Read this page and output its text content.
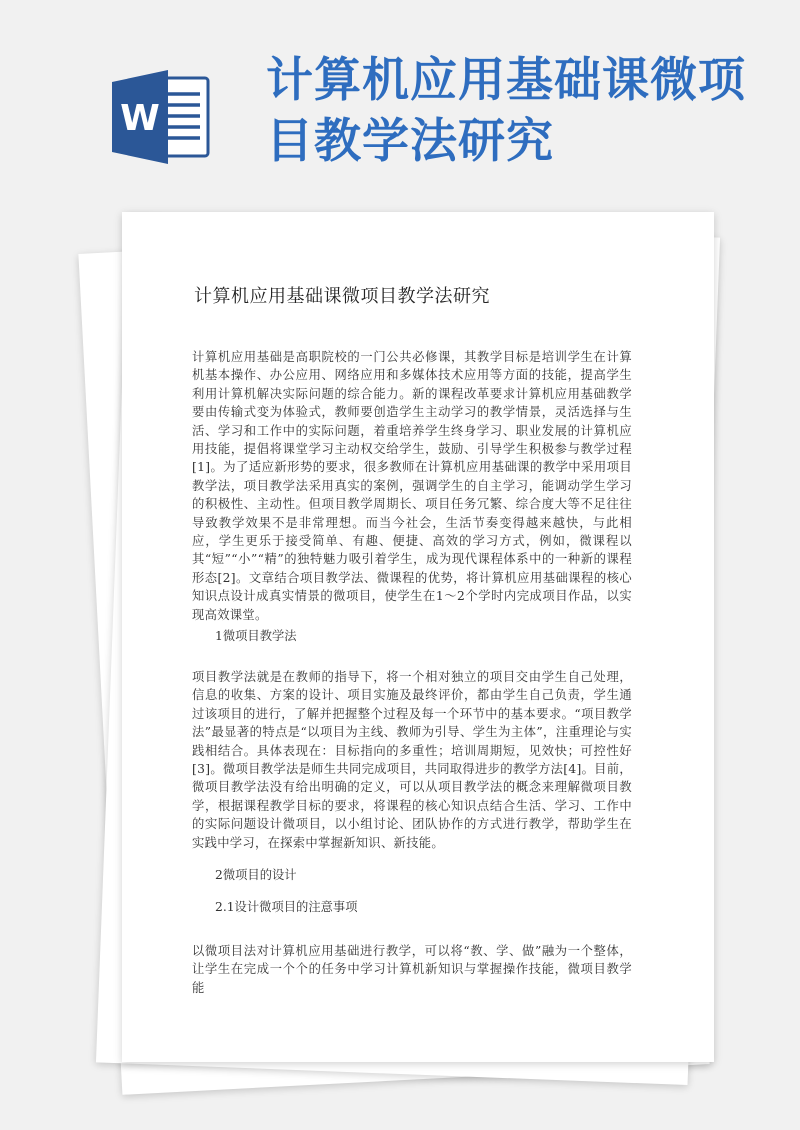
W
计算机应用基础课微项目教学法研究
计算机应用基础课微项目教学法研究

计算机应用基础是高职院校的一门公共必修课，其教学目标是培训学生在计算机基本操作、办公应用、网络应用和多媒体技术应用等方面的技能，提高学生利用计算机解决实际问题的综合能力。新的课程改革要求计算机应用基础教学要由传输式变为体验式，教师要创造学生主动学习的教学情景，灵活选择与生活、学习和工作中的实际问题，着重培养学生终身学习、职业发展的计算机应用技能，提倡将课堂学习主动权交给学生，鼓励、引导学生积极参与教学过程[1]。为了适应新形势的要求，很多教师在计算机应用基础课的教学中采用项目教学法，项目教学法采用真实的案例，强调学生的自主学习，能调动学生学习的积极性、主动性。但项目教学周期长、项目任务冗繁、综合度大等不足往往导致教学效果不是非常理想。而当今社会，生活节奏变得越来越快，与此相应，学生更乐于接受简单、有趣、便捷、高效的学习方式，例如，微课程以其“短”“小”“精”的独特魅力吸引着学生，成为现代课程体系中的一种新的课程形态[2]。文章结合项目教学法、微课程的优势，将计算机应用基础课程的核心知识点设计成真实情景的微项目，使学生在1～2个学时内完成项目作品，以实现高效课堂。

1微项目教学法

项目教学法就是在教师的指导下，将一个相对独立的项目交由学生自己处理，信息的收集、方案的设计、项目实施及最终评价，都由学生自己负责，学生通过该项目的进行，了解并把握整个过程及每一个环节中的基本要求。“项目教学法”最显著的特点是“以项目为主线、教师为引导、学生为主体”，注重理论与实践相结合。具体表现在：目标指向的多重性；培训周期短，见效快；可控性好[3]。微项目教学法是师生共同完成项目，共同取得进步的教学方法[4]。目前，微项目教学法没有给出明确的定义，可以从项目教学法的概念来理解微项目教学，根据课程教学目标的要求，将课程的核心知识点结合生活、学习、工作中的实际问题设计微项目，以小组讨论、团队协作的方式进行教学，帮助学生在实践中学习，在探索中掌握新知识、新技能。

2微项目的设计

2.1设计微项目的注意事项

以微项目法对计算机应用基础进行教学，可以将“教、学、做”融为一个整体，让学生在完成一个个的任务中学习计算机新知识与掌握操作技能，微项目教学能
